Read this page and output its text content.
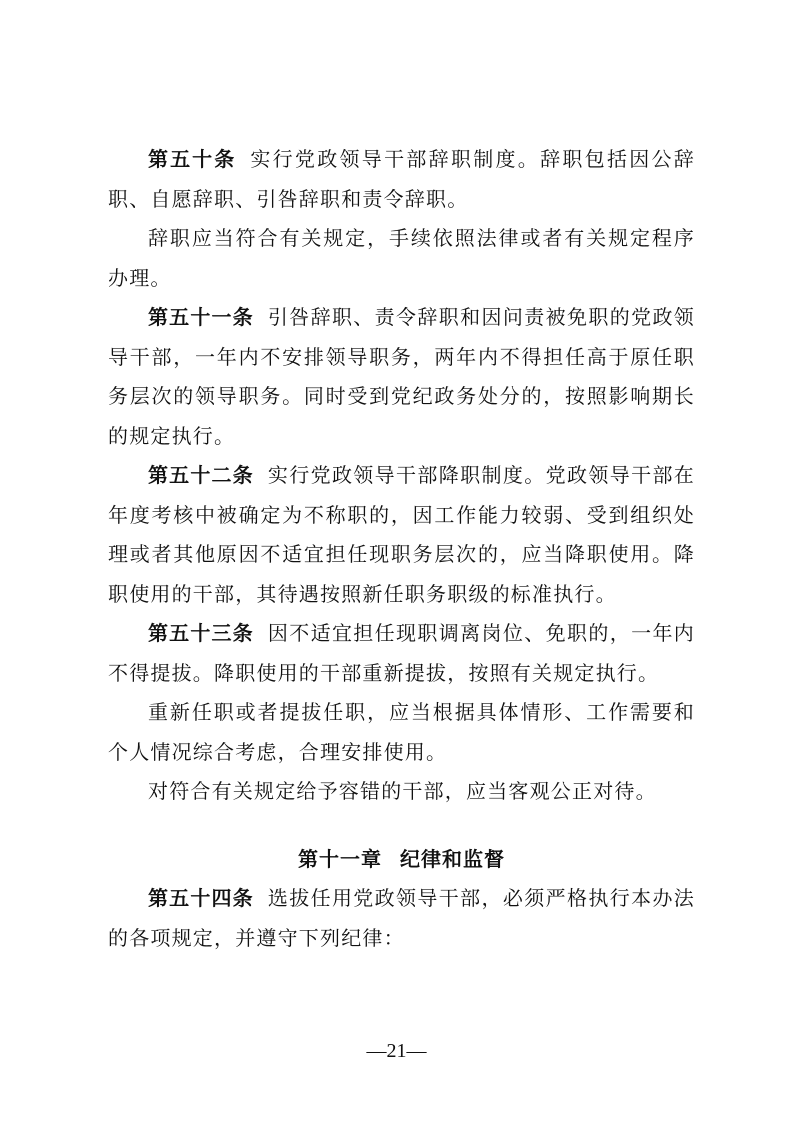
第五十条 实行党政领导干部辞职制度。辞职包括因公辞职、自愿辞职、引咎辞职和责令辞职。

辞职应当符合有关规定，手续依照法律或者有关规定程序办理。

第五十一条 引咎辞职、责令辞职和因问责被免职的党政领导干部，一年内不安排领导职务，两年内不得担任高于原任职务层次的领导职务。同时受到党纪政务处分的，按照影响期长的规定执行。

第五十二条 实行党政领导干部降职制度。党政领导干部在年度考核中被确定为不称职的，因工作能力较弱、受到组织处理或者其他原因不适宜担任现职务层次的，应当降职使用。降职使用的干部，其待遇按照新任职务职级的标准执行。

第五十三条 因不适宜担任现职调离岗位、免职的，一年内不得提拔。降职使用的干部重新提拔，按照有关规定执行。

重新任职或者提拔任职，应当根据具体情形、工作需要和个人情况综合考虑，合理安排使用。

对符合有关规定给予容错的干部，应当客观公正对待。

第十一章 纪律和监督

第五十四条 选拔任用党政领导干部，必须严格执行本办法的各项规定，并遵守下列纪律：

—21—
